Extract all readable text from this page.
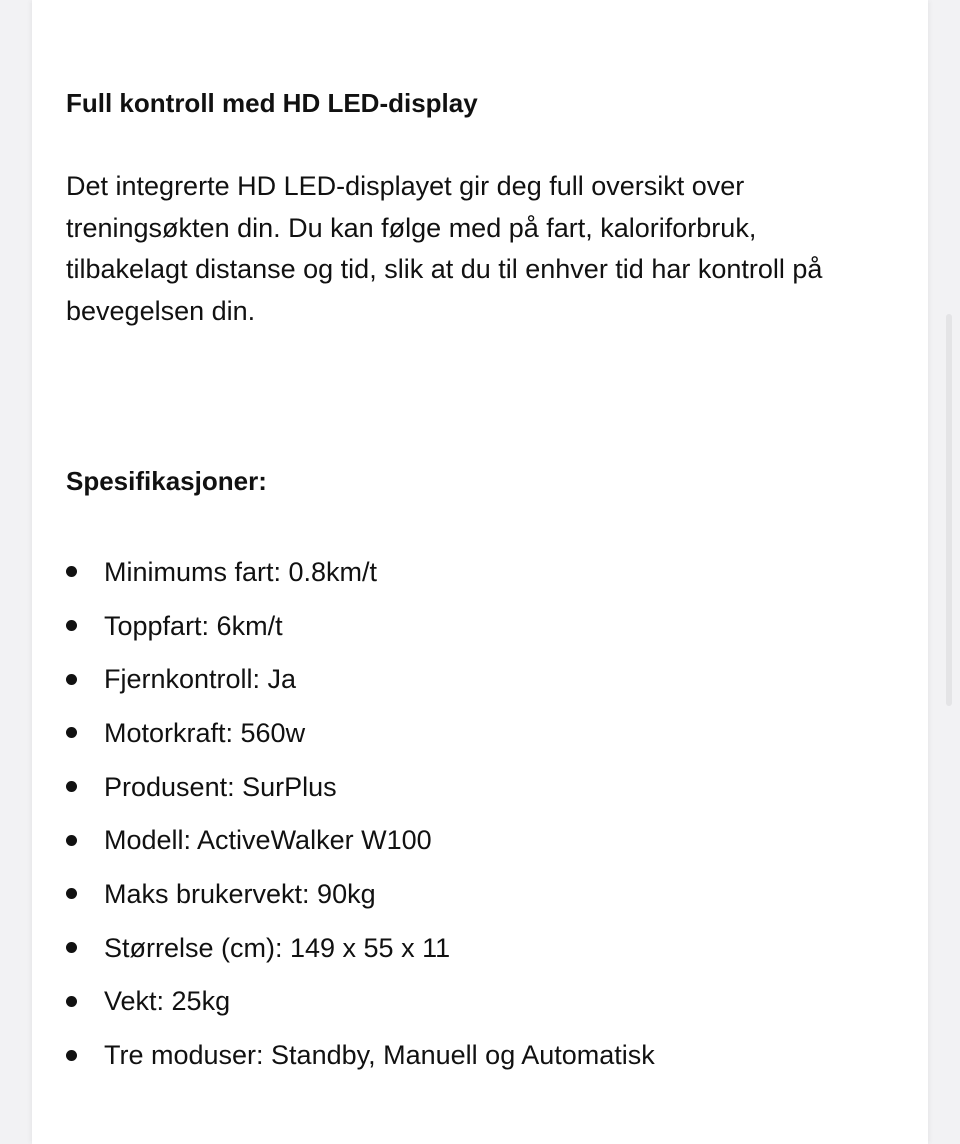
Full kontroll med HD LED-display

Det integrerte HD LED-displayet gir deg full oversikt over treningsøkten din. Du kan følge med på fart, kaloriforbruk, tilbakelagt distanse og tid, slik at du til enhver tid har kontroll på bevegelsen din.

Spesifikasjoner:
Minimums fart: 0.8km/t
Toppfart: 6km/t
Fjernkontroll: Ja
Motorkraft: 560w
Produsent: SurPlus
Modell: ActiveWalker W100
Maks brukervekt: 90kg
Størrelse (cm): 149 x 55 x 11
Vekt: 25kg
Tre moduser: Standby, Manuell og Automatisk
